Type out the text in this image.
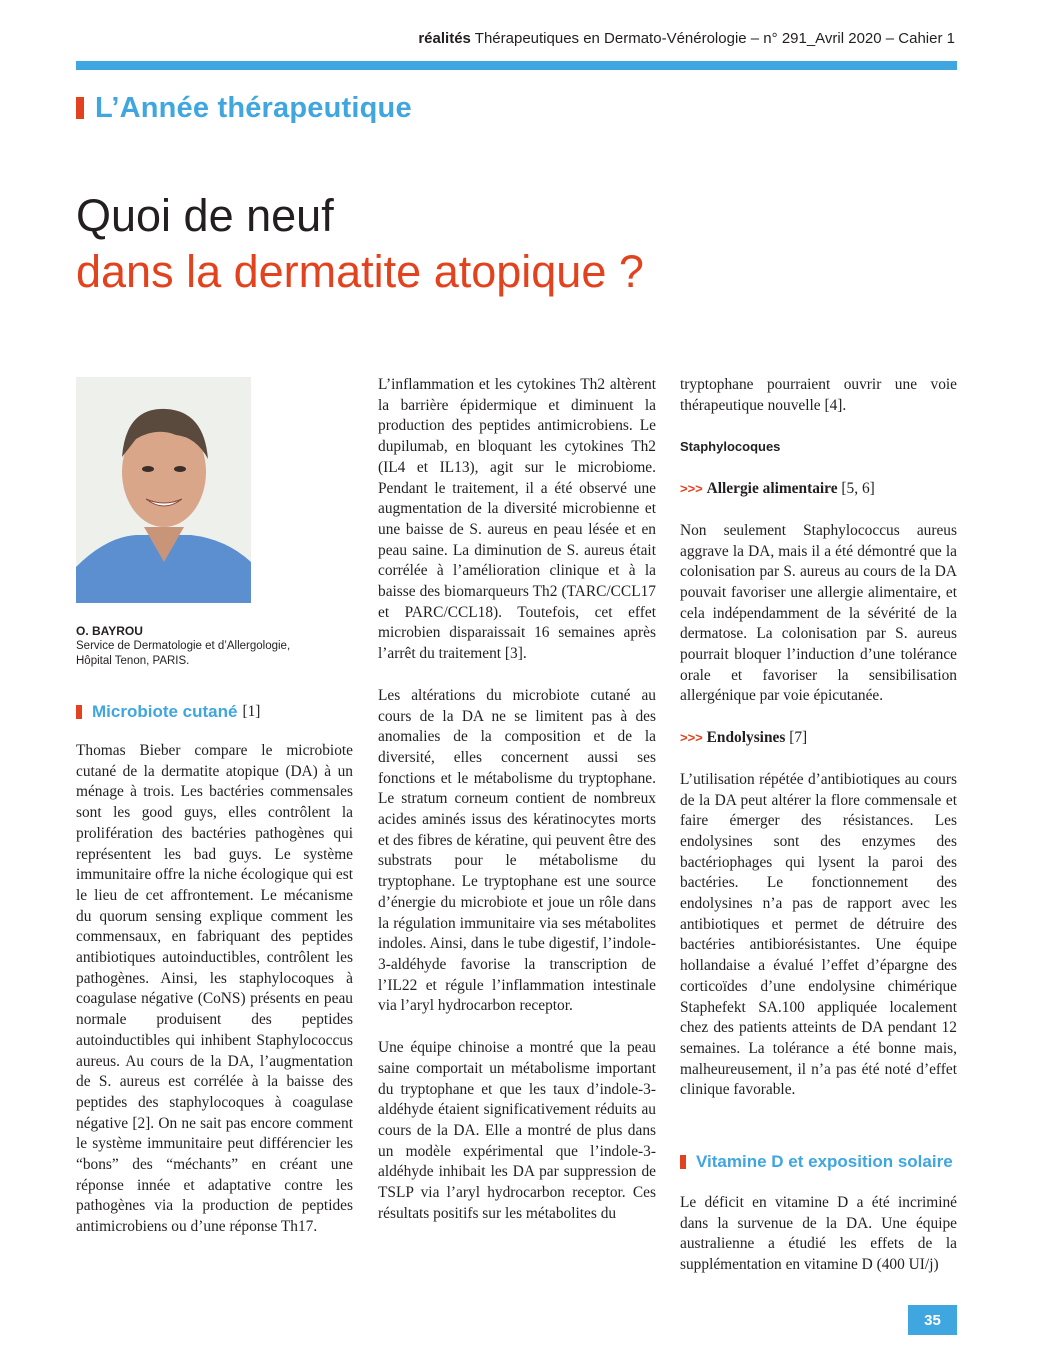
réalités Thérapeutiques en Dermato-Vénérologie – n° 291_Avril 2020 – Cahier 1
L’Année thérapeutique
Quoi de neuf
dans la dermatite atopique ?
O. BAYROU
Service de Dermatologie et d’Allergologie,
Hôpital Tenon, PARIS.
Microbiote cutané [1]

Thomas Bieber compare le microbiote cutané de la dermatite atopique (DA) à un ménage à trois. Les bactéries commensales sont les good guys, elles contrôlent la prolifération des bactéries pathogènes qui représentent les bad guys. Le système immunitaire offre la niche écologique qui est le lieu de cet affrontement. Le mécanisme du quorum sensing explique comment les commensaux, en fabriquant des peptides antibiotiques autoinductibles, contrôlent les pathogènes. Ainsi, les staphylocoques à coagulase négative (CoNS) présents en peau normale produisent des peptides autoinductibles qui inhibent Staphylococcus aureus. Au cours de la DA, l’augmentation de S. aureus est corrélée à la baisse des peptides des staphylocoques à coagulase négative [2]. On ne sait pas encore comment le système immunitaire peut différencier les “bons” des “méchants” en créant une réponse innée et adaptative contre les pathogènes via la production de peptides antimicrobiens ou d’une réponse Th17.

L’inflammation et les cytokines Th2 altèrent la barrière épidermique et diminuent la production des peptides antimicrobiens. Le dupilumab, en bloquant les cytokines Th2 (IL4 et IL13), agit sur le microbiome. Pendant le traitement, il a été observé une augmentation de la diversité microbienne et une baisse de S. aureus en peau lésée et en peau saine. La diminution de S. aureus était corrélée à l’amélioration clinique et à la baisse des biomarqueurs Th2 (TARC/CCL17 et PARC/CCL18). Toutefois, cet effet microbien disparaissait 16 semaines après l’arrêt du traitement [3].

Les altérations du microbiote cutané au cours de la DA ne se limitent pas à des anomalies de la composition et de la diversité, elles concernent aussi ses fonctions et le métabolisme du tryptophane. Le stratum corneum contient de nombreux acides aminés issus des kératinocytes morts et des fibres de kératine, qui peuvent être des substrats pour le métabolisme du tryptophane. Le tryptophane est une source d’énergie du microbiote et joue un rôle dans la régulation immunitaire via ses métabolites indoles. Ainsi, dans le tube digestif, l’indole-3-aldéhyde favorise la transcription de l’IL22 et régule l’inflammation intestinale via l’aryl hydrocarbon receptor.

Une équipe chinoise a montré que la peau saine comportait un métabolisme important du tryptophane et que les taux d’indole-3-aldéhyde étaient significativement réduits au cours de la DA. Elle a montré de plus dans un modèle expérimental que l’indole-3-aldéhyde inhibait les DA par suppression de TSLP via l’aryl hydrocarbon receptor. Ces résultats positifs sur les métabolites du

tryptophane pourraient ouvrir une voie thérapeutique nouvelle [4].

Staphylocoques
>>> Allergie alimentaire [5, 6]

Non seulement Staphylococcus aureus aggrave la DA, mais il a été démontré que la colonisation par S. aureus au cours de la DA pouvait favoriser une allergie alimentaire, et cela indépendamment de la sévérité de la dermatose. La colonisation par S. aureus pourrait bloquer l’induction d’une tolérance orale et favoriser la sensibilisation allergénique par voie épicutanée.

>>> Endolysines [7]

L’utilisation répétée d’antibiotiques au cours de la DA peut altérer la flore commensale et faire émerger des résistances. Les endolysines sont des enzymes des bactériophages qui lysent la paroi des bactéries. Le fonctionnement des endolysines n’a pas de rapport avec les antibiotiques et permet de détruire des bactéries antibiorésistantes. Une équipe hollandaise a évalué l’effet d’épargne des corticoïdes d’une endolysine chimérique Staphefekt SA.100 appliquée localement chez des patients atteints de DA pendant 12 semaines. La tolérance a été bonne mais, malheureusement, il n’a pas été noté d’effet clinique favorable.

Vitamine D et exposition solaire

Le déficit en vitamine D a été incriminé dans la survenue de la DA. Une équipe australienne a étudié les effets de la supplémentation en vitamine D (400 UI/j)

35
